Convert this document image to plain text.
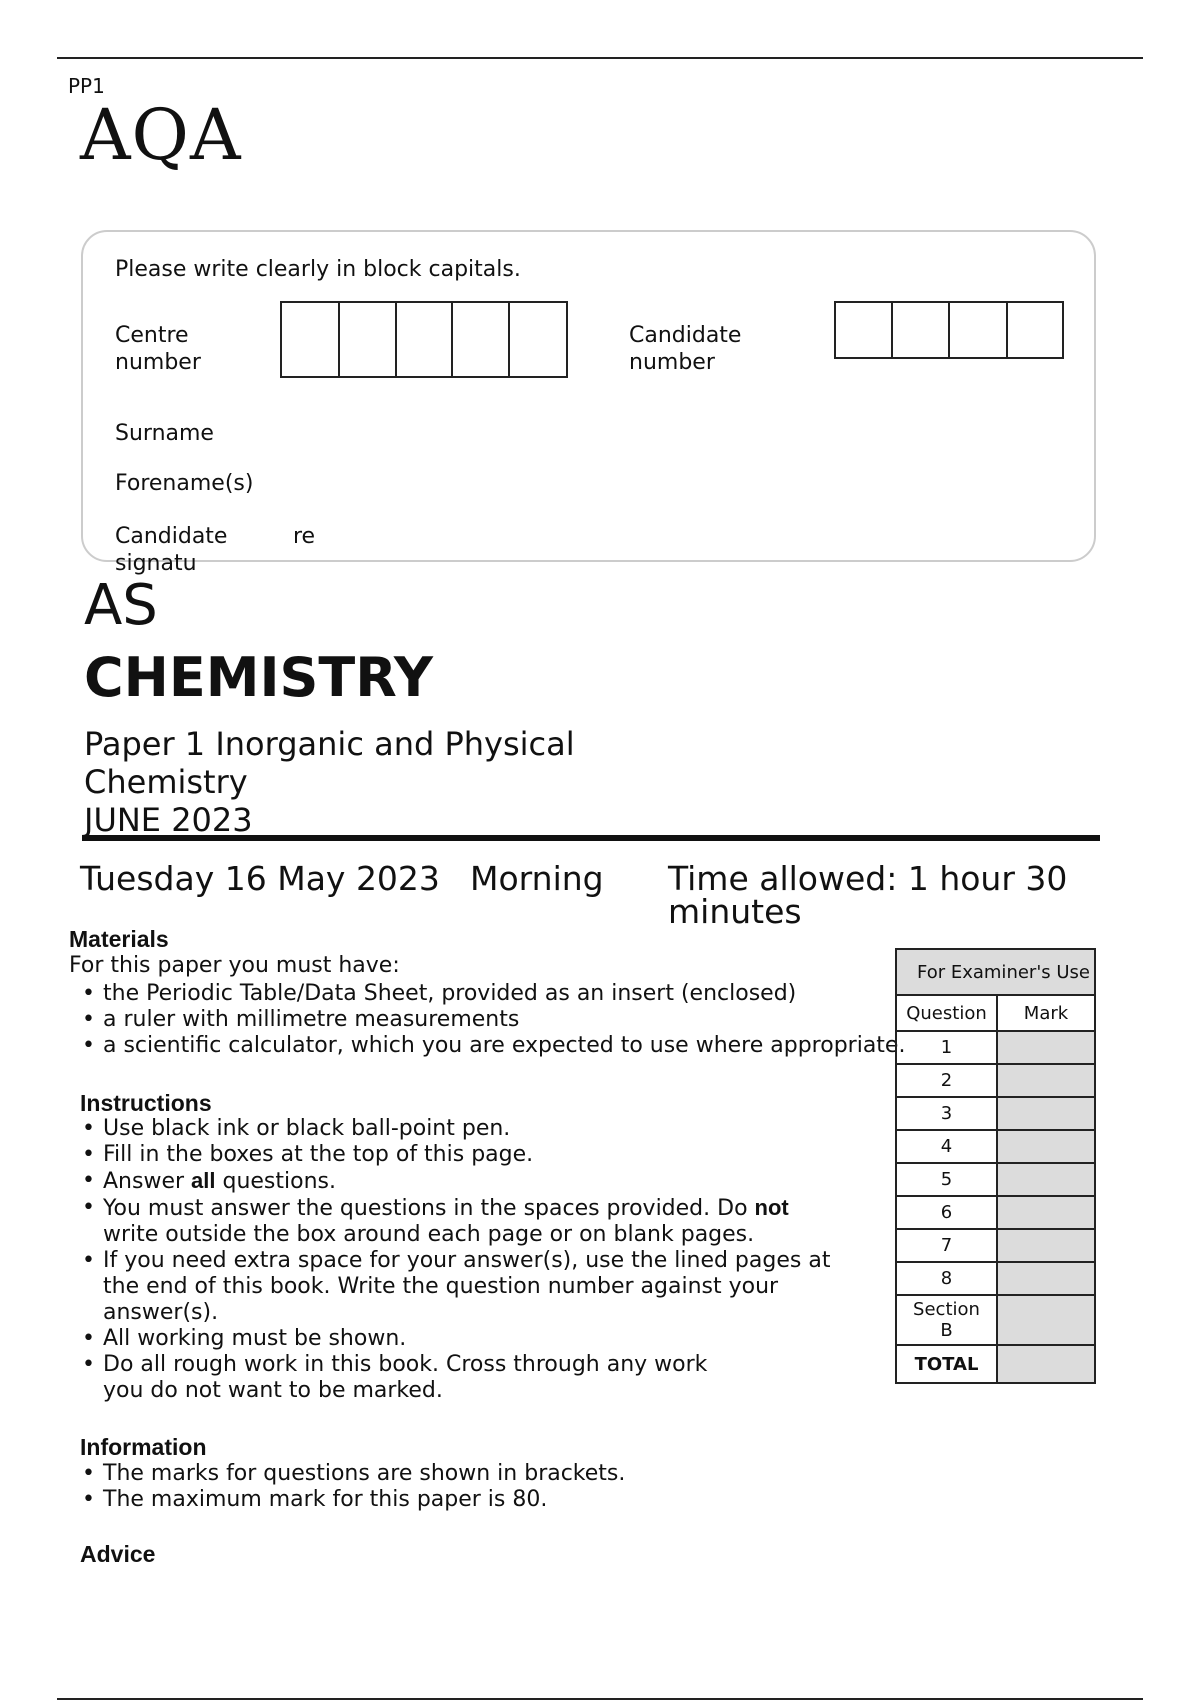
PP1
AQA
Please write clearly in block capitals.
Centre
number
Candidate
number
Surname
Forename(s)
Candidate
signatu
re
AS
CHEMISTRY
Paper 1 Inorganic and Physical
Chemistry
JUNE 2023
Tuesday 16 May 2023 Morning Time allowed: 1 hour 30 minutes
Materials
For this paper you must have:
• the Periodic Table/Data Sheet, provided as an insert (enclosed)
• a ruler with millimetre measurements
• a scientific calculator, which you are expected to use where appropriate.
Instructions
• Use black ink or black ball-point pen.
• Fill in the boxes at the top of this page.
• Answer all questions.
• You must answer the questions in the spaces provided. Do not
write outside the box around each page or on blank pages.
• If you need extra space for your answer(s), use the lined pages at
the end of this book. Write the question number against your
answer(s).
• All working must be shown.
• Do all rough work in this book. Cross through any work
you do not want to be marked.
Information
• The marks for questions are shown in brackets.
• The maximum mark for this paper is 80.
Advice
For Examiner's Use	
Question	Mark
1	
2	
3	
4	
5	
6	
7	
8	

Section
B	

TOTAL	
